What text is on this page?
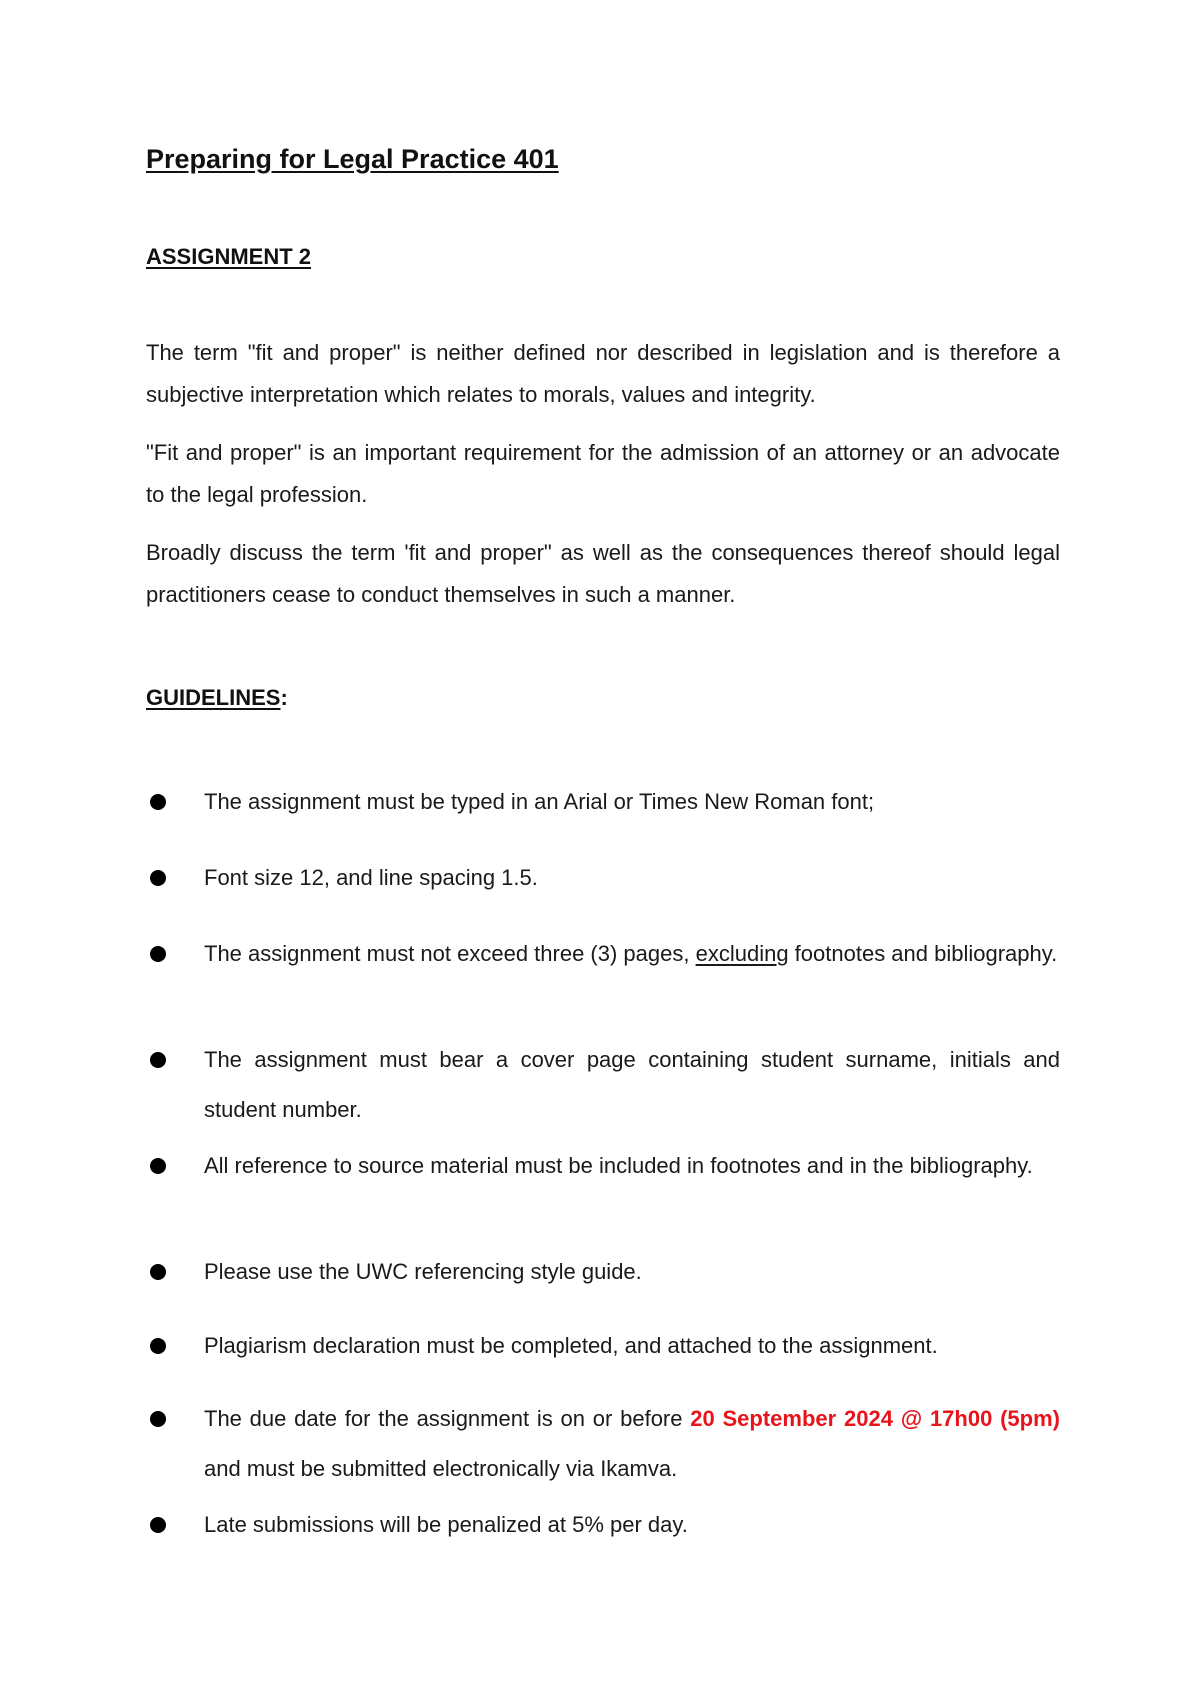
Preparing for Legal Practice 401
ASSIGNMENT 2

The term "fit and proper" is neither defined nor described in legislation and is therefore a subjective interpretation which relates to morals, values and integrity.

"Fit and proper" is an important requirement for the admission of an attorney or an advocate to the legal profession.

Broadly discuss the term 'fit and proper" as well as the consequences thereof should legal practitioners cease to conduct themselves in such a manner.

GUIDELINES:
The assignment must be typed in an Arial or Times New Roman font;
Font size 12, and line spacing 1.5.
The assignment must not exceed three (3) pages, excluding footnotes and bibliography.
The assignment must bear a cover page containing student surname, initials and student number.
All reference to source material must be included in footnotes and in the bibliography.
Please use the UWC referencing style guide.
Plagiarism declaration must be completed, and attached to the assignment.
The due date for the assignment is on or before 20 September 2024 @ 17h00 (5pm) and must be submitted electronically via Ikamva.
Late submissions will be penalized at 5% per day.
